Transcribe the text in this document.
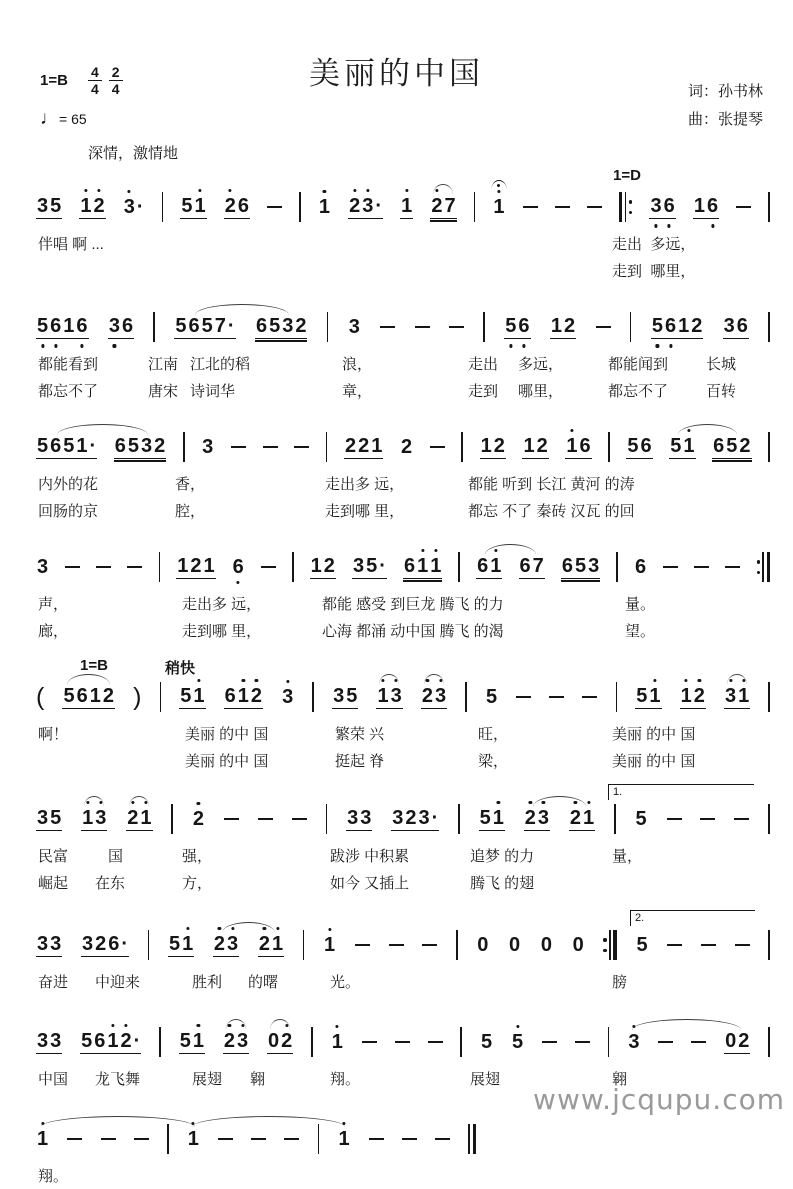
美丽的中国
$1=B \frac{4}{4} \frac{2}{4}$
♩= 65
词：孙书林
曲：张提琴
深情，激情地
3 5 1 2 3 · 5 1 2 6	1 2 3 · 1 2 7 1	3 6 1 6
1=D
伴唱 啊 ...	走出  多远，
走到  哪里，
5 6 1 6 3 6 5 6 5 7 · 6 5 3 2 3	5 6 1 2	5 6 1 2 3 6
都能看到	江南 江北的稻	浪，	走出 多远，	都能闻到	长城
都忘不了	唐宋 诗词华	章，	走到 哪里，	都忘不了	百转
5 6 5 1 · 6 5 3 2 3	2 2 1 2	1 2 1 2 1 6 5 6 5 1 6 5 2
内外的花	香，	走出多 远，	都能 听到 长江 黄河 的涛
回肠的京	腔，	走到哪 里，	都忘 不了 秦砖 汉瓦 的回
3	1 2 1 6	1 2 3 5 · 6 1 1 6 1 6 7 6 5 3 6
声，	走出多 远，	都能 感受 到巨龙 腾飞 的力	量。
廊，	走到哪 里，	心海 都涌 动中国 腾飞 的渴	望。
( 5 6 1 2 ) 5 1 6 1 2 3 3 5 1 3 2 3 5	5 1 1 2 3 1
1=B	稍快
啊！	美丽 的中 国	繁荣 兴	旺，	美丽 的中 国
美丽 的中 国	挺起 脊	梁，	美丽 的中 国
3 5 1 3 2 1 2	3 3 3 2 3 · 5 1 2 3 2 1 5
1.
民富	国	强，	跋涉 中积累	追梦 的力	量，
崛起 在东	方，	如今 又插上	腾飞 的翅
3 3 3 2 6 · 5 1 2 3 2 1 1	0 0 0 0	5
2.
奋进 中迎来	胜利 的曙	光。	膀
3 3 5 6 1 2 · 5 1 2 3 0 2 1	5 5	3	0 2
中国 龙飞舞	展翅 翱	翔。	展翅	翱
1	1	1
翔。
www.jcqupu.com
